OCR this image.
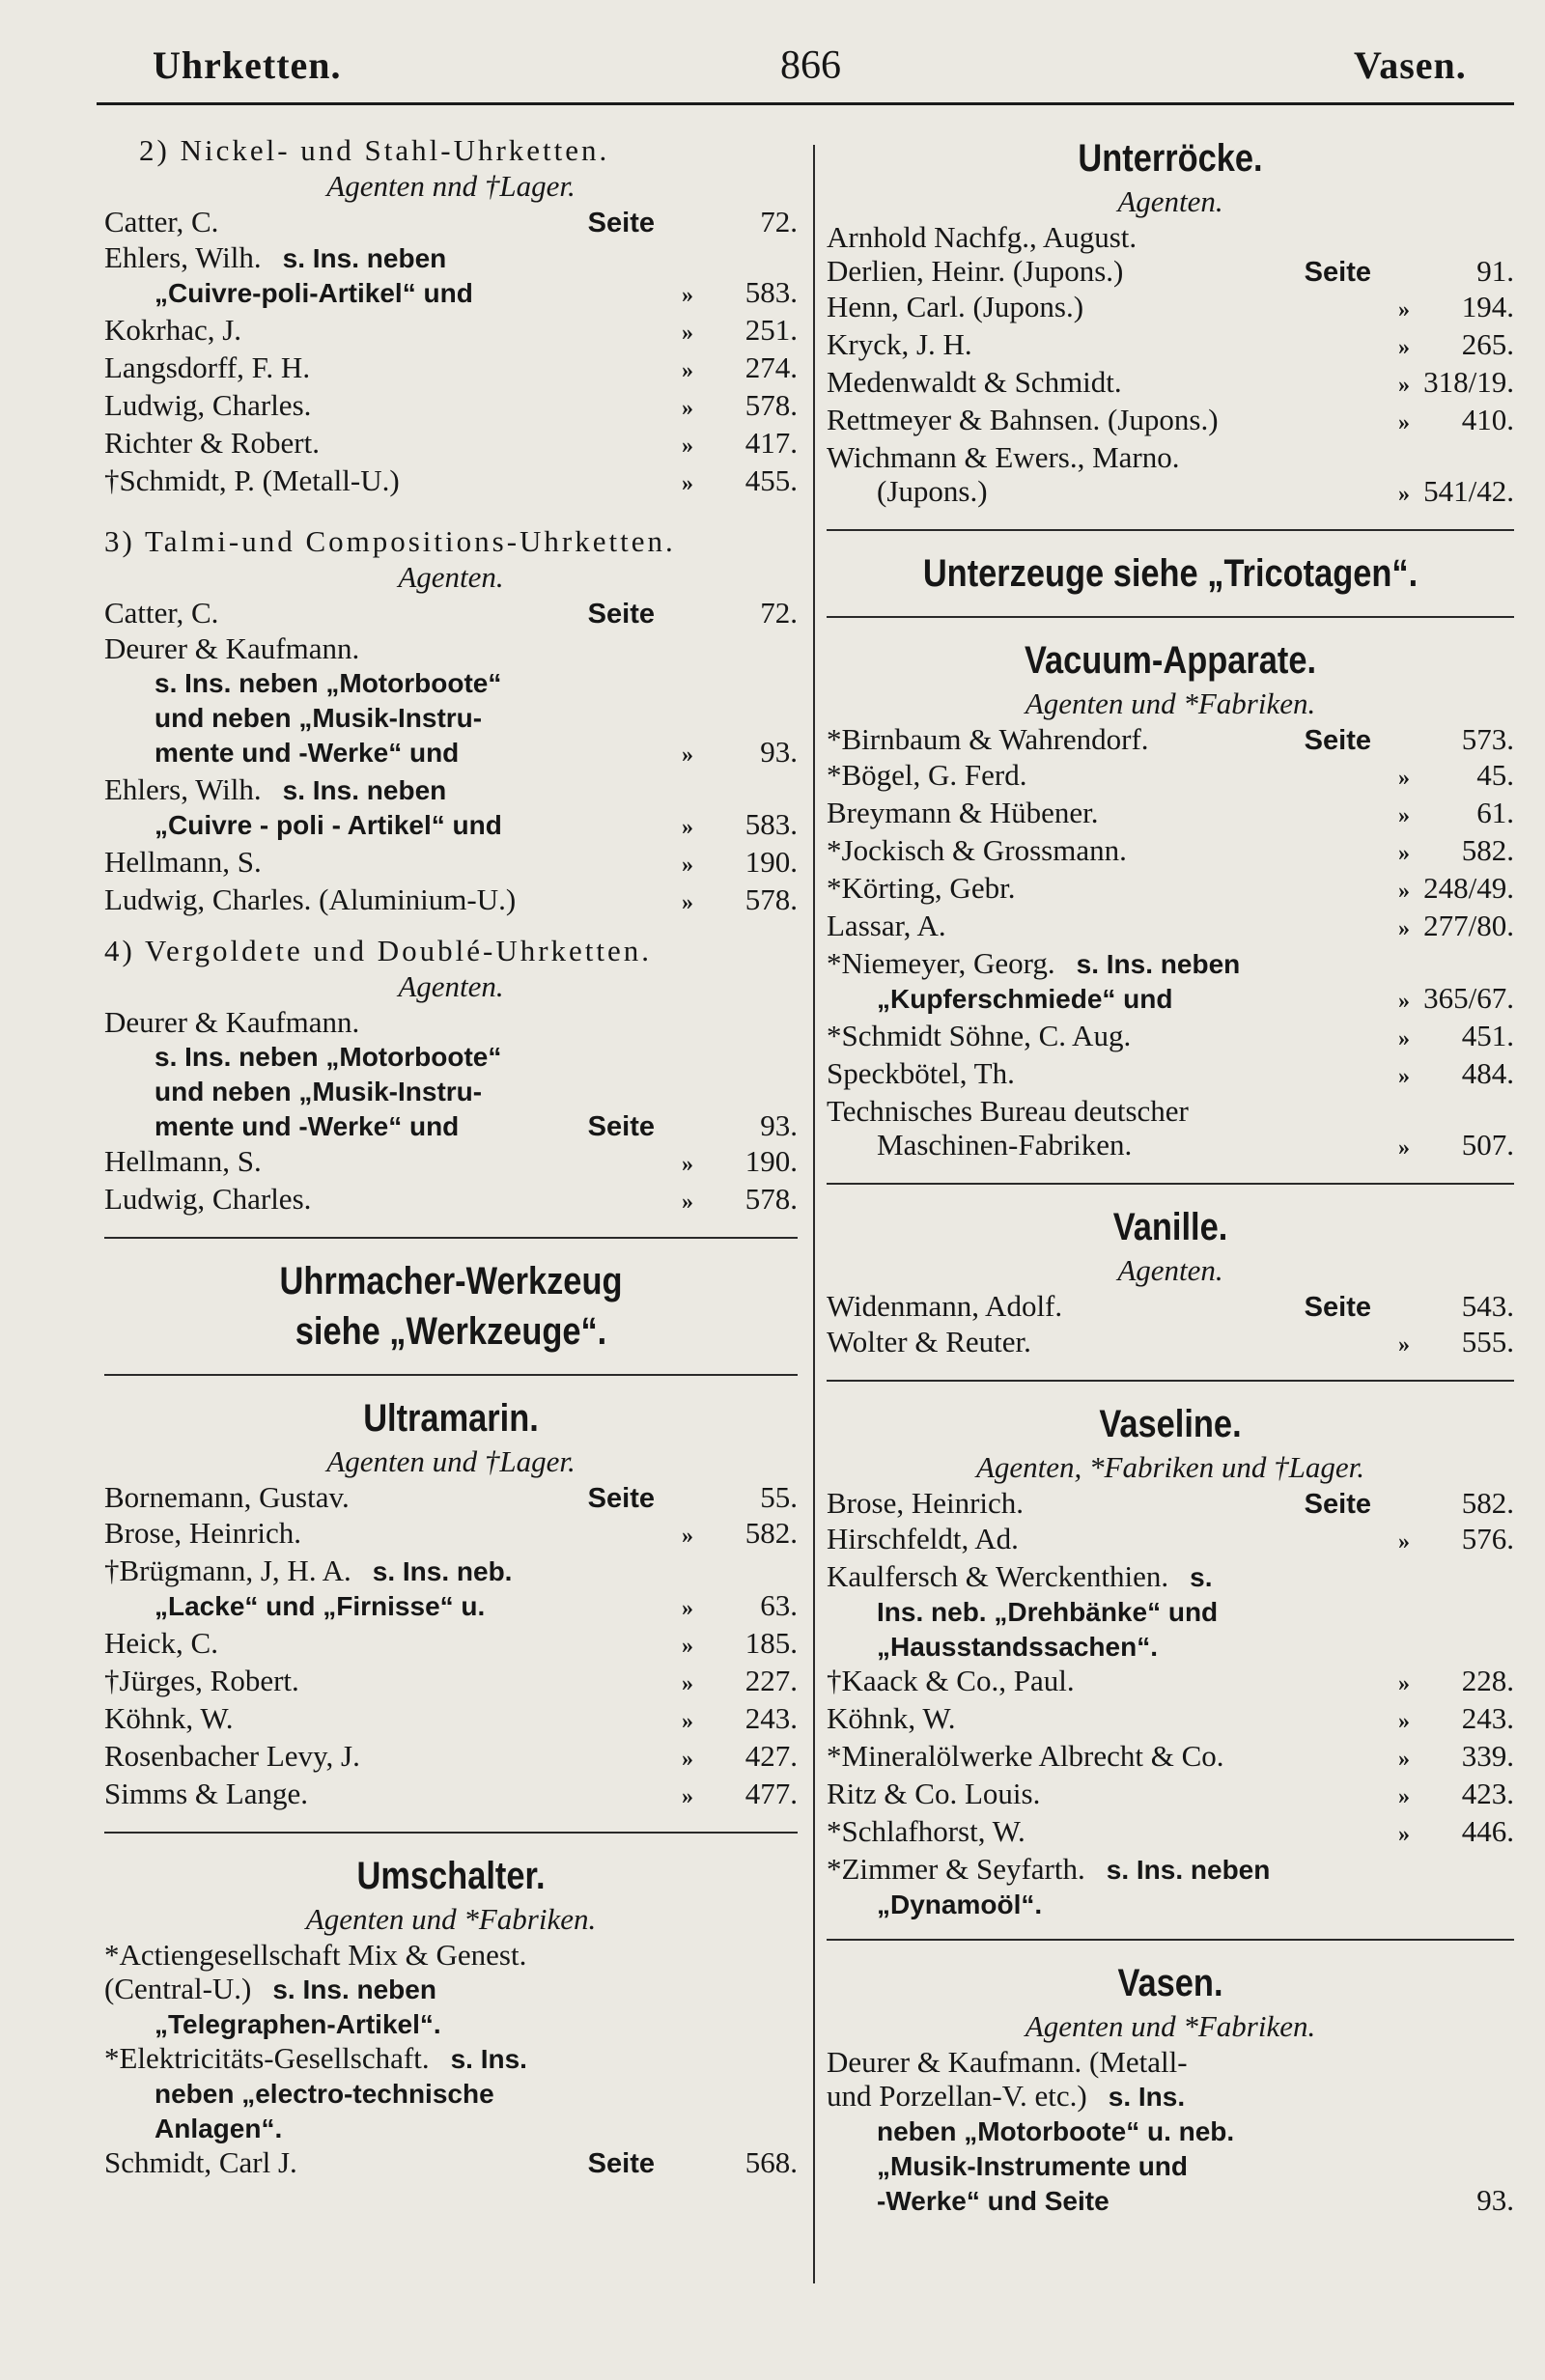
Uhrketten.	866	Vasen.
2) Nickel- und Stahl-Uhrketten.
Agenten nnd †Lager.
Catter, C.	Seite	72.
Ehlers, Wilh. s. Ins. neben
„Cuivre-poli-Artikel“ und	»	583.
Kokrhac, J.	»	251.
Langsdorff, F. H.	»	274.
Ludwig, Charles.	»	578.
Richter & Robert.	»	417.
†Schmidt, P. (Metall-U.)	»	455.
3) Talmi-und Compositions-Uhrketten.
Agenten.
Catter, C.	Seite	72.
Deurer & Kaufmann.
s. Ins. neben „Motorboote“
und neben „Musik-Instru-
mente und -Werke“ und	»	93.
Ehlers, Wilh. s. Ins. neben
„Cuivre - poli - Artikel“ und	»	583.
Hellmann, S.	»	190.
Ludwig, Charles. (Aluminium-U.)	»	578.
4) Vergoldete und Doublé-Uhrketten.
Agenten.
Deurer & Kaufmann.
s. Ins. neben „Motorboote“
und neben „Musik-Instru-
mente und -Werke“ und	Seite	93.
Hellmann, S.	»	190.
Ludwig, Charles.	»	578.
Uhrmacher-Werkzeug
siehe „Werkzeuge“.
Ultramarin.
Agenten und †Lager.
Bornemann, Gustav.	Seite	55.
Brose, Heinrich.	»	582.
†Brügmann, J, H. A. s. Ins. neb.
„Lacke“ und „Firnisse“ u.	»	63.
Heick, C.	»	185.
†Jürges, Robert.	»	227.
Köhnk, W.	»	243.
Rosenbacher Levy, J.	»	427.
Simms & Lange.	»	477.
Umschalter.
Agenten und *Fabriken.
*Actiengesellschaft Mix & Genest.
(Central-U.) s. Ins. neben
„Telegraphen-Artikel“.
*Elektricitäts-Gesellschaft. s. Ins.
neben „electro-technische
Anlagen“.
Schmidt, Carl J.	Seite	568.
Unterröcke.
Agenten.
Arnhold Nachfg., August.
Derlien, Heinr. (Jupons.)	Seite	91.
Henn, Carl. (Jupons.)	»	194.
Kryck, J. H.	»	265.
Medenwaldt & Schmidt.	» 318/19.
Rettmeyer & Bahnsen. (Jupons.)	»	410.
Wichmann & Ewers., Marno.
(Jupons.)	» 541/42.
Unterzeuge siehe „Tricotagen“.
Vacuum-Apparate.
Agenten und *Fabriken.
*Birnbaum & Wahrendorf.	Seite	573.
*Bögel, G. Ferd.	»	45.
Breymann & Hübener.	»	61.
*Jockisch & Grossmann.	»	582.
*Körting, Gebr.	» 248/49.
Lassar, A.	» 277/80.
*Niemeyer, Georg. s. Ins. neben
„Kupferschmiede“ und	» 365/67.
*Schmidt Söhne, C. Aug.	»	451.
Speckbötel, Th.	»	484.
Technisches Bureau deutscher
Maschinen-Fabriken.	»	507.
Vanille.
Agenten.
Widenmann, Adolf.	Seite	543.
Wolter & Reuter.	»	555.
Vaseline.
Agenten, *Fabriken und †Lager.
Brose, Heinrich.	Seite	582.
Hirschfeldt, Ad.	»	576.
Kaulfersch & Werckenthien. s.
Ins. neb. „Drehbänke“ und
„Hausstandssachen“.
†Kaack & Co., Paul.	»	228.
Köhnk, W.	»	243.
*Mineralölwerke Albrecht & Co.	»	339.
Ritz & Co. Louis.	»	423.
*Schlafhorst, W.	»	446.
*Zimmer & Seyfarth. s. Ins. neben
„Dynamoöl“.
Vasen.
Agenten und *Fabriken.
Deurer & Kaufmann. (Metall-
und Porzellan-V. etc.) s. Ins.
neben „Motorboote“ u. neb.
„Musik-Instrumente und
-Werke“ und Seite	93.
